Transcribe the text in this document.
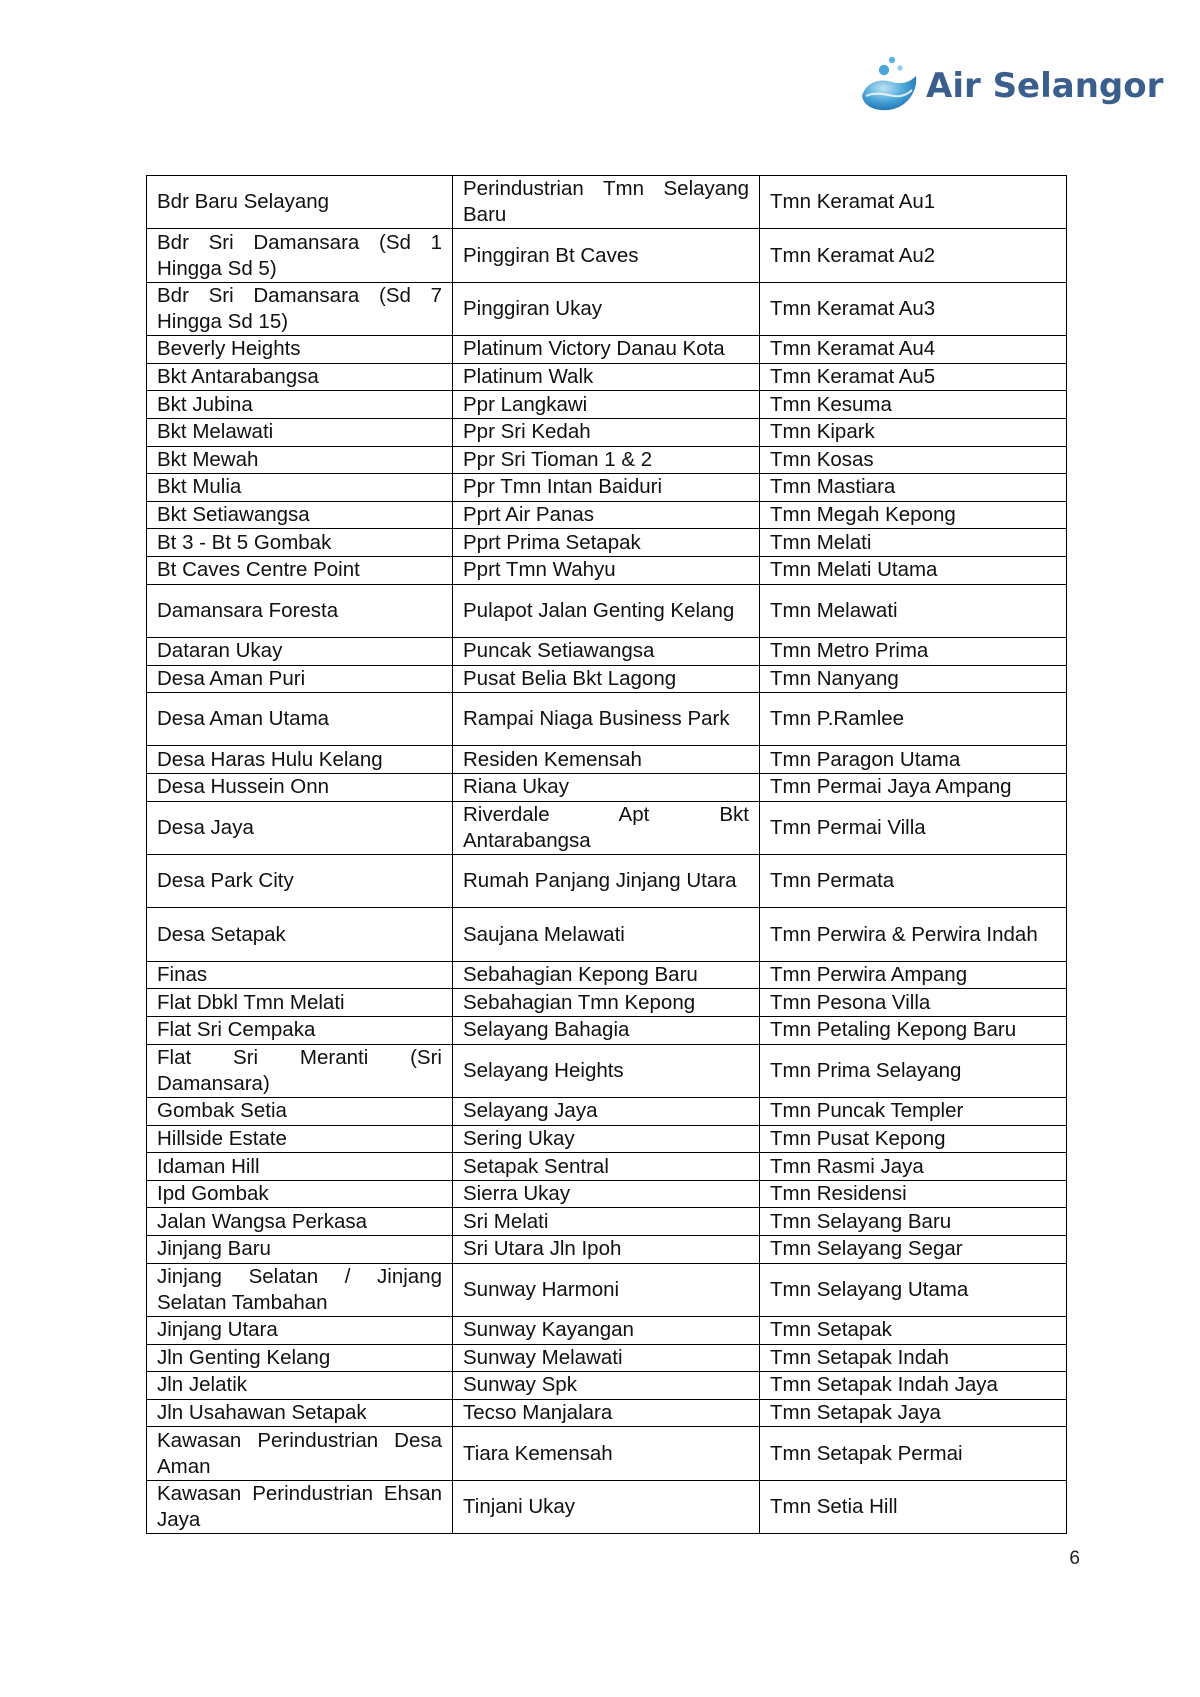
Air Selangor
Bdr Baru Selayang	Perindustrian Tmn Selayang Baru	Tmn Keramat Au1
Bdr Sri Damansara (Sd 1 Hingga Sd 5)	Pinggiran Bt Caves	Tmn Keramat Au2
Bdr Sri Damansara (Sd 7 Hingga Sd 15)	Pinggiran Ukay	Tmn Keramat Au3
Beverly Heights	Platinum Victory Danau Kota	Tmn Keramat Au4
Bkt Antarabangsa	Platinum Walk	Tmn Keramat Au5
Bkt Jubina	Ppr Langkawi	Tmn Kesuma
Bkt Melawati	Ppr Sri Kedah	Tmn Kipark
Bkt Mewah	Ppr Sri Tioman 1 & 2	Tmn Kosas
Bkt Mulia	Ppr Tmn Intan Baiduri	Tmn Mastiara
Bkt Setiawangsa	Pprt Air Panas	Tmn Megah Kepong
Bt 3 - Bt 5 Gombak	Pprt Prima Setapak	Tmn Melati
Bt Caves Centre Point	Pprt Tmn Wahyu	Tmn Melati Utama
Damansara Foresta	Pulapot Jalan Genting Kelang	Tmn Melawati
Dataran Ukay	Puncak Setiawangsa	Tmn Metro Prima
Desa Aman Puri	Pusat Belia Bkt Lagong	Tmn Nanyang
Desa Aman Utama	Rampai Niaga Business Park	Tmn P.Ramlee
Desa Haras Hulu Kelang	Residen Kemensah	Tmn Paragon Utama
Desa Hussein Onn	Riana Ukay	Tmn Permai Jaya Ampang
Desa Jaya	Riverdale Apt Bkt Antarabangsa	Tmn Permai Villa
Desa Park City	Rumah Panjang Jinjang Utara	Tmn Permata
Desa Setapak	Saujana Melawati	Tmn Perwira & Perwira Indah
Finas	Sebahagian Kepong Baru	Tmn Perwira Ampang
Flat Dbkl Tmn Melati	Sebahagian Tmn Kepong	Tmn Pesona Villa
Flat Sri Cempaka	Selayang Bahagia	Tmn Petaling Kepong Baru
Flat Sri Meranti (Sri Damansara)	Selayang Heights	Tmn Prima Selayang
Gombak Setia	Selayang Jaya	Tmn Puncak Templer
Hillside Estate	Sering Ukay	Tmn Pusat Kepong
Idaman Hill	Setapak Sentral	Tmn Rasmi Jaya
Ipd Gombak	Sierra Ukay	Tmn Residensi
Jalan Wangsa Perkasa	Sri Melati	Tmn Selayang Baru
Jinjang Baru	Sri Utara Jln Ipoh	Tmn Selayang Segar
Jinjang Selatan / Jinjang Selatan Tambahan	Sunway Harmoni	Tmn Selayang Utama
Jinjang Utara	Sunway Kayangan	Tmn Setapak
Jln Genting Kelang	Sunway Melawati	Tmn Setapak Indah
Jln Jelatik	Sunway Spk	Tmn Setapak Indah Jaya
Jln Usahawan Setapak	Tecso Manjalara	Tmn Setapak Jaya
Kawasan Perindustrian Desa Aman	Tiara Kemensah	Tmn Setapak Permai
Kawasan Perindustrian Ehsan Jaya	Tinjani Ukay	Tmn Setia Hill
6
